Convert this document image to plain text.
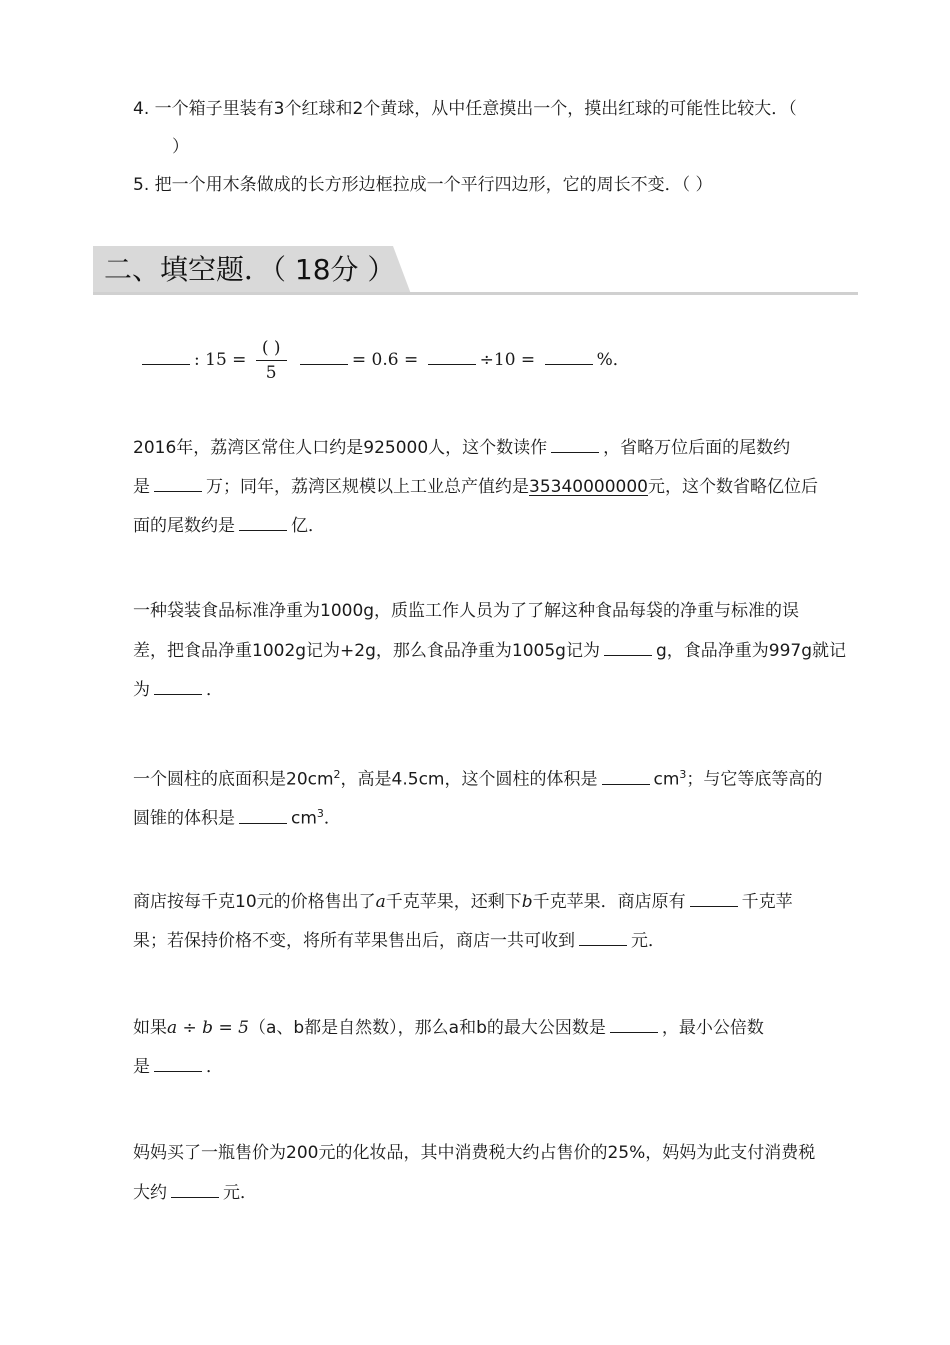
4. 一个箱子里装有3个红球和2个黄球，从中任意摸出一个，摸出红球的可能性比较大．（
）
5. 把一个用木条做成的长方形边框拉成一个平行四边形，它的周长不变．（ ）
二、填空题．（ 18分 ）
: $15 = \frac{( )}{5}$	= 0.6 =	÷10 =	%．
2016年，荔湾区常住人口约是925000人，这个数读作	，省略万位后面的尾数约
是	万；同年，荔湾区规模以上工业总产值约是35340000000元，这个数省略亿位后
面的尾数约是	亿．
一种袋装食品标准净重为1000g，质监工作人员为了了解这种食品每袋的净重与标准的误
差，把食品净重1002g记为+2g，那么食品净重为1005g记为	g，食品净重为997g就记
为	．
一个圆柱的底面积是$20cm^2$，高是4.5cm，这个圆柱的体积是	$cm^3$；与它等底等高的
圆锥的体积是	$cm^3$．
商店按每千克10元的价格售出了a千克苹果，还剩下b千克苹果．商店原有	千克苹
果；若保持价格不变，将所有苹果售出后，商店一共可收到	元．
如果a ÷ b = 5（a、b都是自然数），那么a和b的最大公因数是	，最小公倍数
是	．
妈妈买了一瓶售价为200元的化妆品，其中消费税大约占售价的25%，妈妈为此支付消费税
大约	元．
